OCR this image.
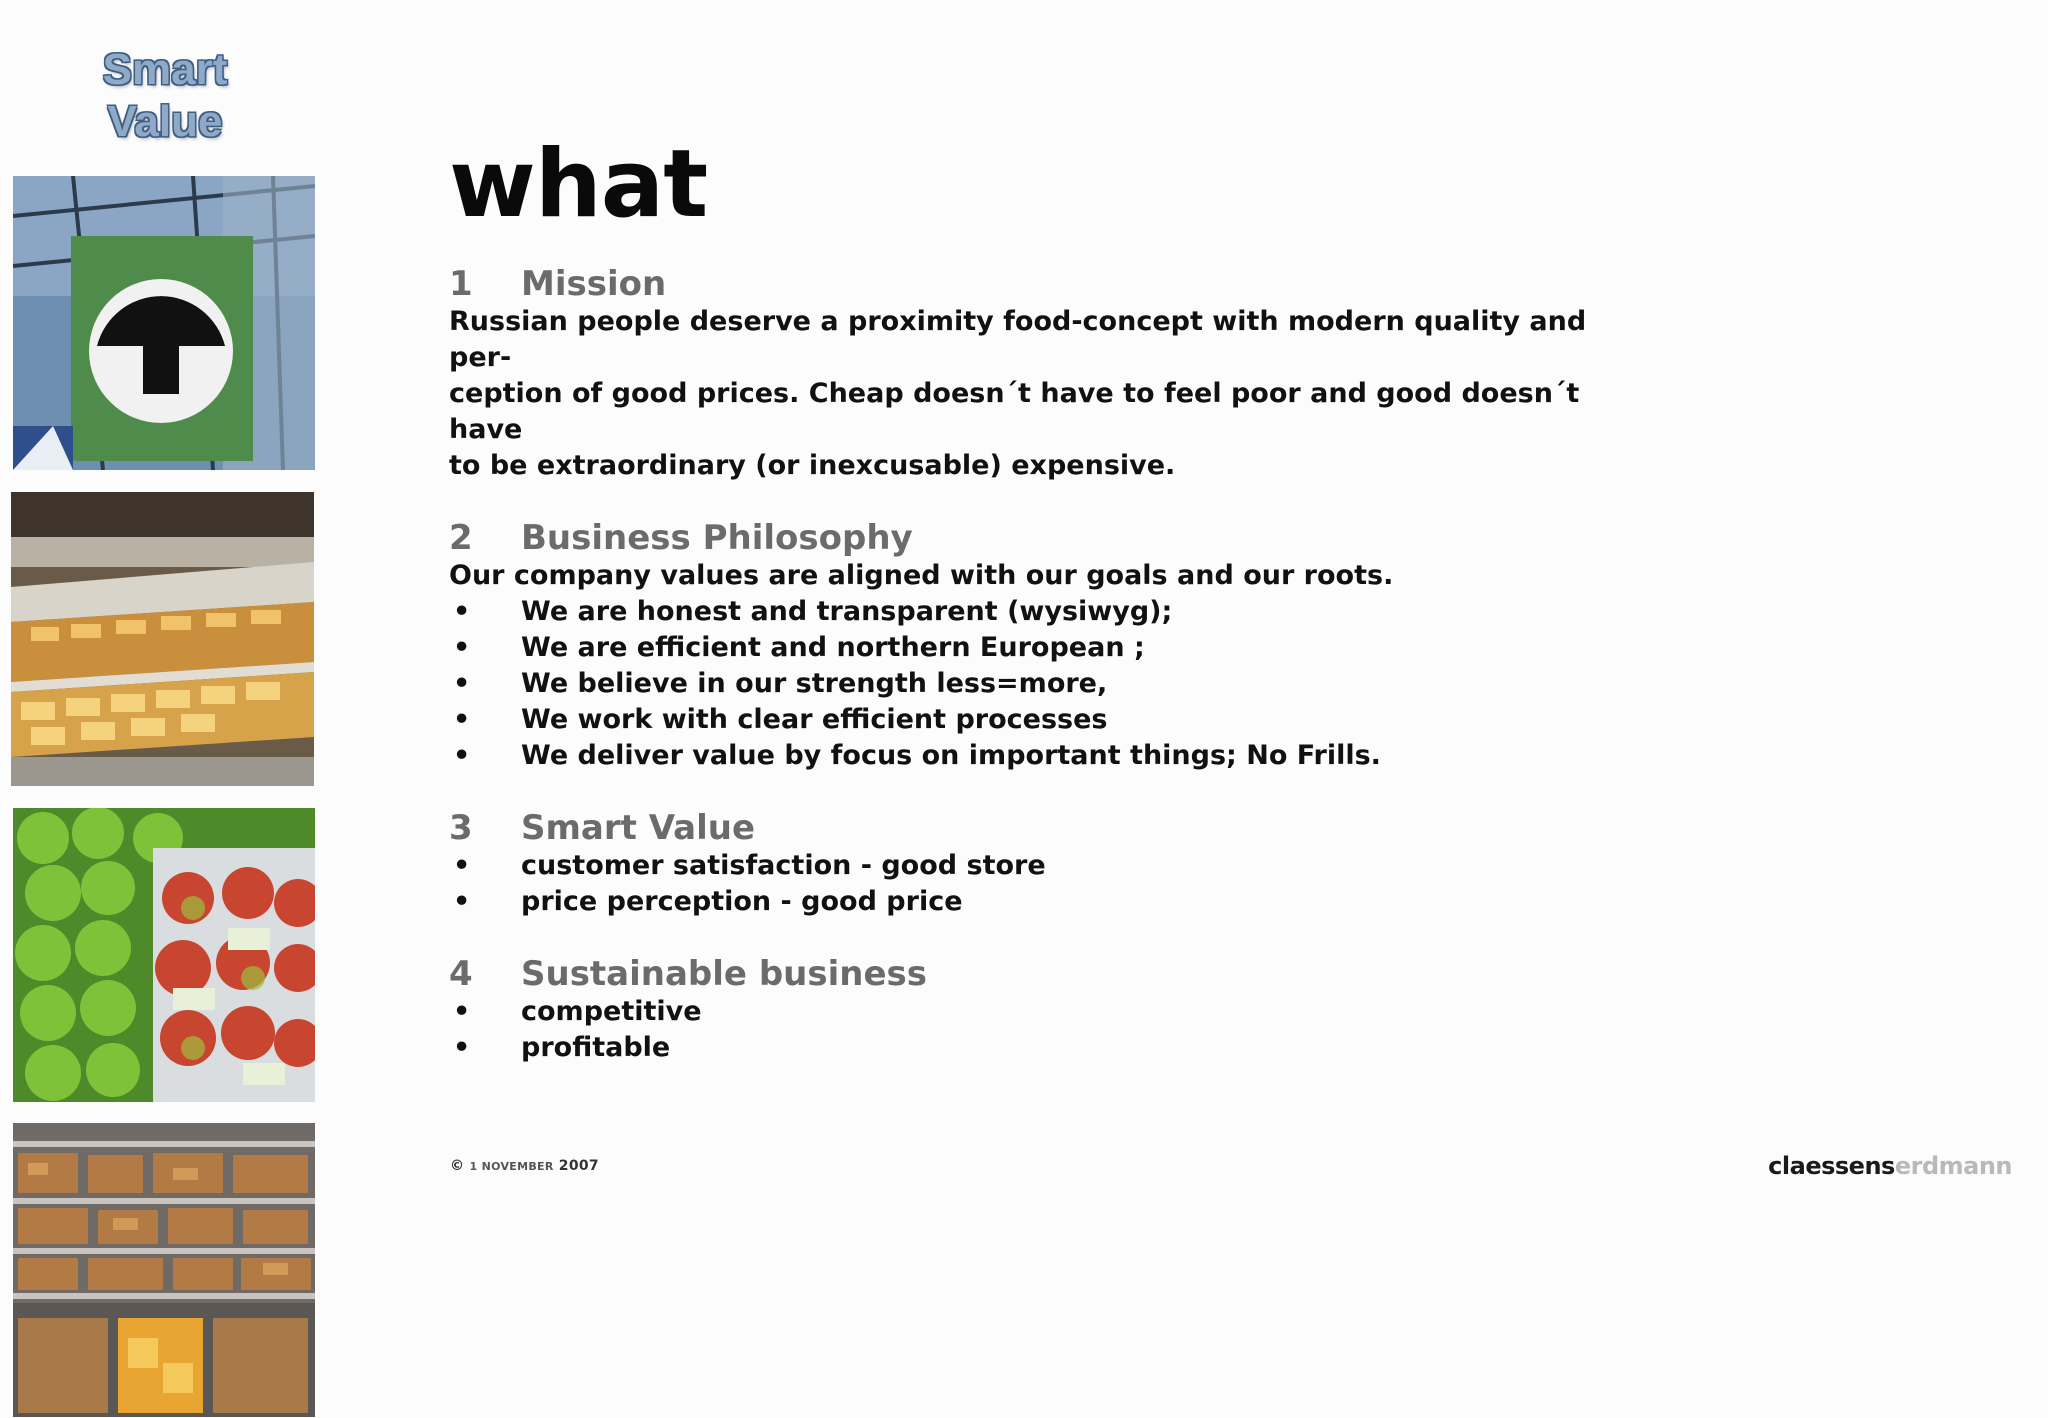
Smart
Value
what
1	Mission

Russian people deserve a proximity food-concept with modern quality and per-

ception of good prices. Cheap doesn´t have to feel poor and good doesn´t have

to be extraordinary (or inexcusable) expensive.

2	Business Philosophy

Our company values are aligned with our goals and our roots.

•	We are honest and transparent (wysiwyg);
•	We are efficient and northern European ;
•	We believe in our strength less=more,
•	We work with clear efficient processes
•	We deliver value by focus on important things; No Frills.
3	Smart Value
•	customer satisfaction - good store
•	price perception - good price
4	Sustainable business
•	competitive
•	profitable
© 1 NOVEMBER 2007	claessenserdmann
